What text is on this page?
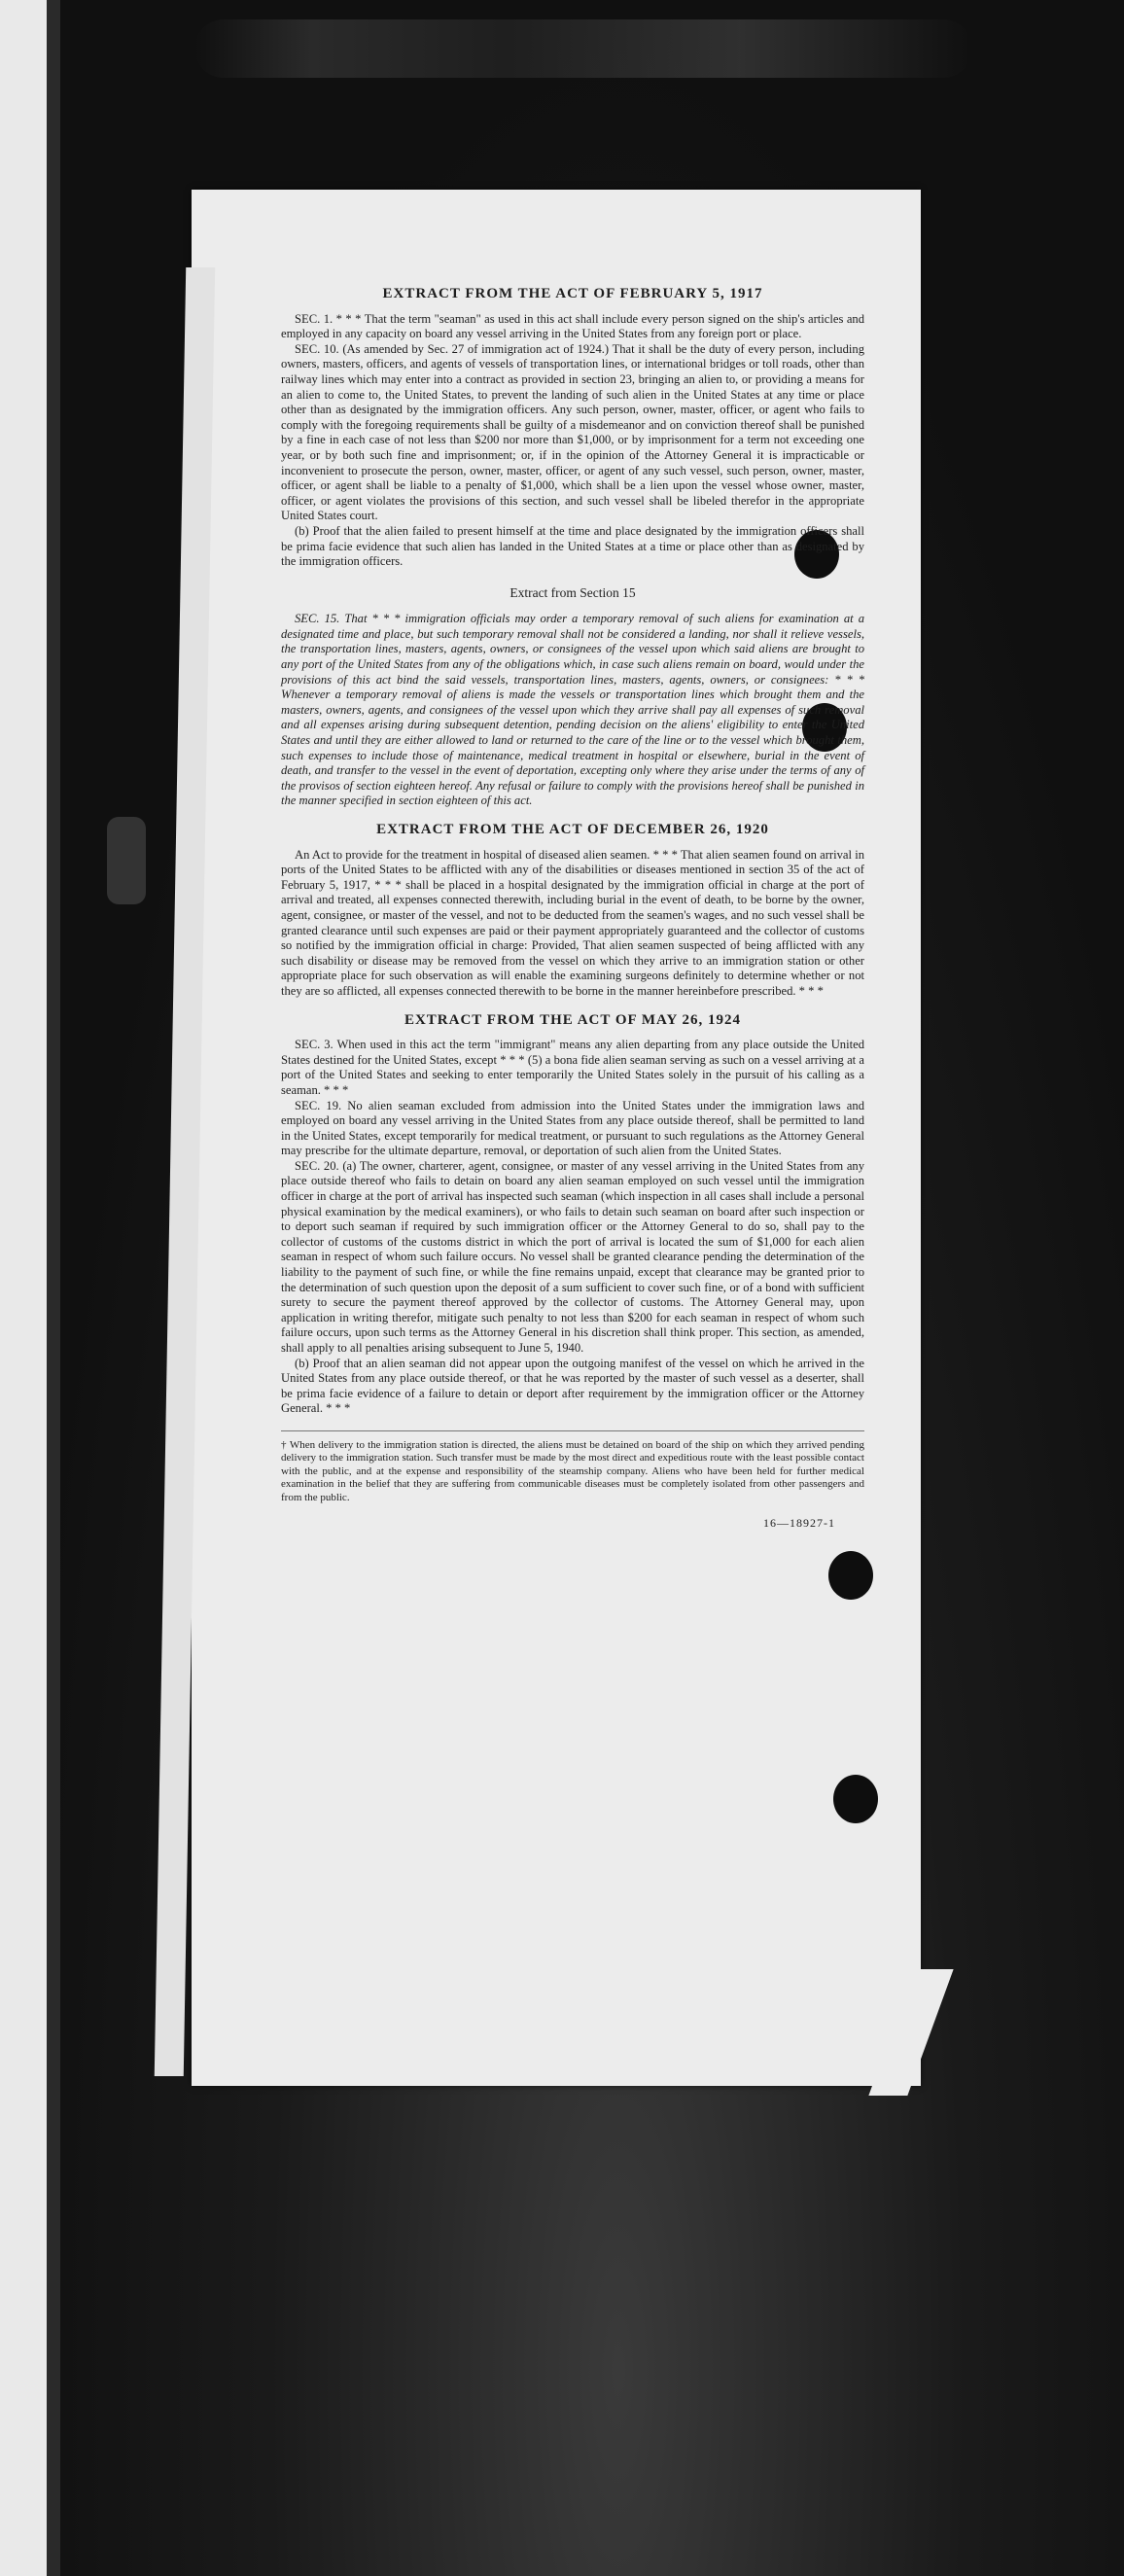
EXTRACT FROM THE ACT OF FEBRUARY 5, 1917

SEC. 1. * * * That the term "seaman" as used in this act shall include every person signed on the ship's articles and employed in any capacity on board any vessel arriving in the United States from any foreign port or place.

SEC. 10. (As amended by Sec. 27 of immigration act of 1924.) That it shall be the duty of every person, including owners, masters, officers, and agents of vessels of transportation lines, or international bridges or toll roads, other than railway lines which may enter into a contract as provided in section 23, bringing an alien to, or providing a means for an alien to come to, the United States, to prevent the landing of such alien in the United States at any time or place other than as designated by the immigration officers. Any such person, owner, master, officer, or agent who fails to comply with the foregoing requirements shall be guilty of a misdemeanor and on conviction thereof shall be punished by a fine in each case of not less than $200 nor more than $1,000, or by imprisonment for a term not exceeding one year, or by both such fine and imprisonment; or, if in the opinion of the Attorney General it is impracticable or inconvenient to prosecute the person, owner, master, officer, or agent of any such vessel, such person, owner, master, officer, or agent shall be liable to a penalty of $1,000, which shall be a lien upon the vessel whose owner, master, officer, or agent violates the provisions of this section, and such vessel shall be libeled therefor in the appropriate United States court.

(b) Proof that the alien failed to present himself at the time and place designated by the immigration officers shall be prima facie evidence that such alien has landed in the United States at a time or place other than as designated by the immigration officers.

Extract from Section 15

SEC. 15. That * * * immigration officials may order a temporary removal of such aliens for examination at a designated time and place, but such temporary removal shall not be considered a landing, nor shall it relieve vessels, the transportation lines, masters, agents, owners, or consignees of the vessel upon which said aliens are brought to any port of the United States from any of the obligations which, in case such aliens remain on board, would under the provisions of this act bind the said vessels, transportation lines, masters, agents, owners, or consignees: * * * Whenever a temporary removal of aliens is made the vessels or transportation lines which brought them and the masters, owners, agents, and consignees of the vessel upon which they arrive shall pay all expenses of such removal and all expenses arising during subsequent detention, pending decision on the aliens' eligibility to enter the United States and until they are either allowed to land or returned to the care of the line or to the vessel which brought them, such expenses to include those of maintenance, medical treatment in hospital or elsewhere, burial in the event of death, and transfer to the vessel in the event of deportation, excepting only where they arise under the terms of any of the provisos of section eighteen hereof. Any refusal or failure to comply with the provisions hereof shall be punished in the manner specified in section eighteen of this act.

EXTRACT FROM THE ACT OF DECEMBER 26, 1920

An Act to provide for the treatment in hospital of diseased alien seamen. * * * That alien seamen found on arrival in ports of the United States to be afflicted with any of the disabilities or diseases mentioned in section 35 of the act of February 5, 1917, * * * shall be placed in a hospital designated by the immigration official in charge at the port of arrival and treated, all expenses connected therewith, including burial in the event of death, to be borne by the owner, agent, consignee, or master of the vessel, and not to be deducted from the seamen's wages, and no such vessel shall be granted clearance until such expenses are paid or their payment appropriately guaranteed and the collector of customs so notified by the immigration official in charge: Provided, That alien seamen suspected of being afflicted with any such disability or disease may be removed from the vessel on which they arrive to an immigration station or other appropriate place for such observation as will enable the examining surgeons definitely to determine whether or not they are so afflicted, all expenses connected therewith to be borne in the manner hereinbefore prescribed. * * *

EXTRACT FROM THE ACT OF MAY 26, 1924

SEC. 3. When used in this act the term "immigrant" means any alien departing from any place outside the United States destined for the United States, except * * * (5) a bona fide alien seaman serving as such on a vessel arriving at a port of the United States and seeking to enter temporarily the United States solely in the pursuit of his calling as a seaman. * * *

SEC. 19. No alien seaman excluded from admission into the United States under the immigration laws and employed on board any vessel arriving in the United States from any place outside thereof, shall be permitted to land in the United States, except temporarily for medical treatment, or pursuant to such regulations as the Attorney General may prescribe for the ultimate departure, removal, or deportation of such alien from the United States.

SEC. 20. (a) The owner, charterer, agent, consignee, or master of any vessel arriving in the United States from any place outside thereof who fails to detain on board any alien seaman employed on such vessel until the immigration officer in charge at the port of arrival has inspected such seaman (which inspection in all cases shall include a personal physical examination by the medical examiners), or who fails to detain such seaman on board after such inspection or to deport such seaman if required by such immigration officer or the Attorney General to do so, shall pay to the collector of customs of the customs district in which the port of arrival is located the sum of $1,000 for each alien seaman in respect of whom such failure occurs. No vessel shall be granted clearance pending the determination of the liability to the payment of such fine, or while the fine remains unpaid, except that clearance may be granted prior to the determination of such question upon the deposit of a sum sufficient to cover such fine, or of a bond with sufficient surety to secure the payment thereof approved by the collector of customs. The Attorney General may, upon application in writing therefor, mitigate such penalty to not less than $200 for each seaman in respect of whom such failure occurs, upon such terms as the Attorney General in his discretion shall think proper. This section, as amended, shall apply to all penalties arising subsequent to June 5, 1940.

(b) Proof that an alien seaman did not appear upon the outgoing manifest of the vessel on which he arrived in the United States from any place outside thereof, or that he was reported by the master of such vessel as a deserter, shall be prima facie evidence of a failure to detain or deport after requirement by the immigration officer or the Attorney General. * * *

† When delivery to the immigration station is directed, the aliens must be detained on board of the ship on which they arrived pending delivery to the immigration station. Such transfer must be made by the most direct and expeditious route with the least possible contact with the public, and at the expense and responsibility of the steamship company. Aliens who have been held for further medical examination in the belief that they are suffering from communicable diseases must be completely isolated from other passengers and from the public.
16—18927-1
